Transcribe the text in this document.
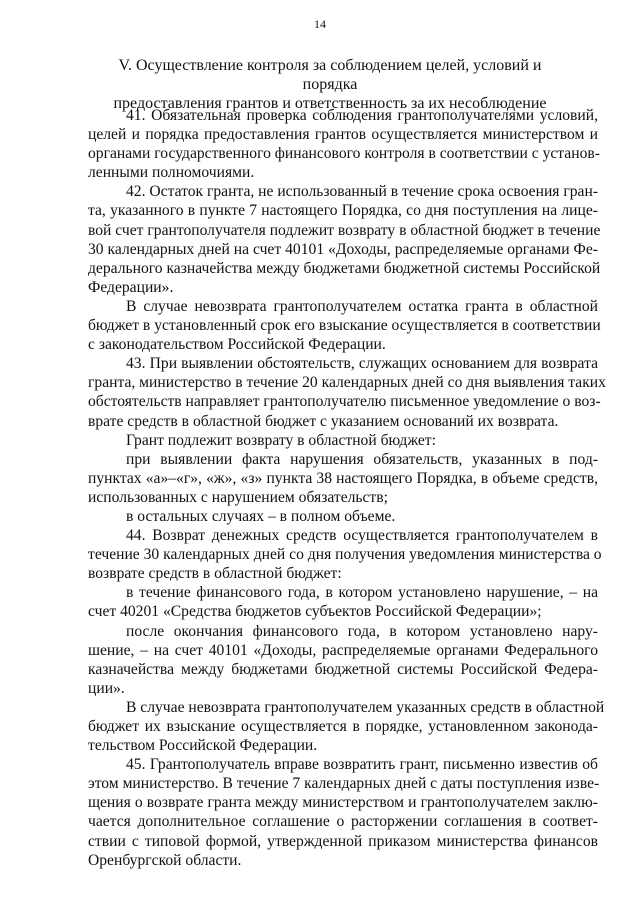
14
V. Осуществление контроля за соблюдением целей, условий и порядка
предоставления грантов и ответственность за их несоблюдение

41. Обязательная проверка соблюдения грантополучателями условий,
целей и порядка предоставления грантов осуществляется министерством и
органами государственного финансового контроля в соответствии с установ-
ленными полномочиями.

42. Остаток гранта, не использованный в течение срока освоения гран-
та, указанного в пункте 7 настоящего Порядка, со дня поступления на лице-
вой счет грантополучателя подлежит возврату в областной бюджет в течение
30 календарных дней на счет 40101 «Доходы, распределяемые органами Фе-
дерального казначейства между бюджетами бюджетной системы Российской
Федерации».

В случае невозврата грантополучателем остатка гранта в областной
бюджет в установленный срок его взыскание осуществляется в соответствии
с законодательством Российской Федерации.

43. При выявлении обстоятельств, служащих основанием для возврата
гранта, министерство в течение 20 календарных дней со дня выявления таких
обстоятельств направляет грантополучателю письменное уведомление о воз-
врате средств в областной бюджет с указанием оснований их возврата.

Грант подлежит возврату в областной бюджет:

при выявлении факта нарушения обязательств, указанных в под-
пунктах «а»–«г», «ж», «з» пункта 38 настоящего Порядка, в объеме средств,
использованных с нарушением обязательств;

в остальных случаях – в полном объеме.

44. Возврат денежных средств осуществляется грантополучателем в
течение 30 календарных дней со дня получения уведомления министерства о
возврате средств в областной бюджет:

в течение финансового года, в котором установлено нарушение, – на
счет 40201 «Средства бюджетов субъектов Российской Федерации»;

после окончания финансового года, в котором установлено нару-
шение, – на счет 40101 «Доходы, распределяемые органами Федерального
казначейства между бюджетами бюджетной системы Российской Федера-
ции».

В случае невозврата грантополучателем указанных средств в областной
бюджет их взыскание осуществляется в порядке, установленном законода-
тельством Российской Федерации.

45. Грантополучатель вправе возвратить грант, письменно известив об
этом министерство. В течение 7 календарных дней с даты поступления изве-
щения о возврате гранта между министерством и грантополучателем заклю-
чается дополнительное соглашение о расторжении соглашения в соответ-
ствии с типовой формой, утвержденной приказом министерства финансов
Оренбургской области.
